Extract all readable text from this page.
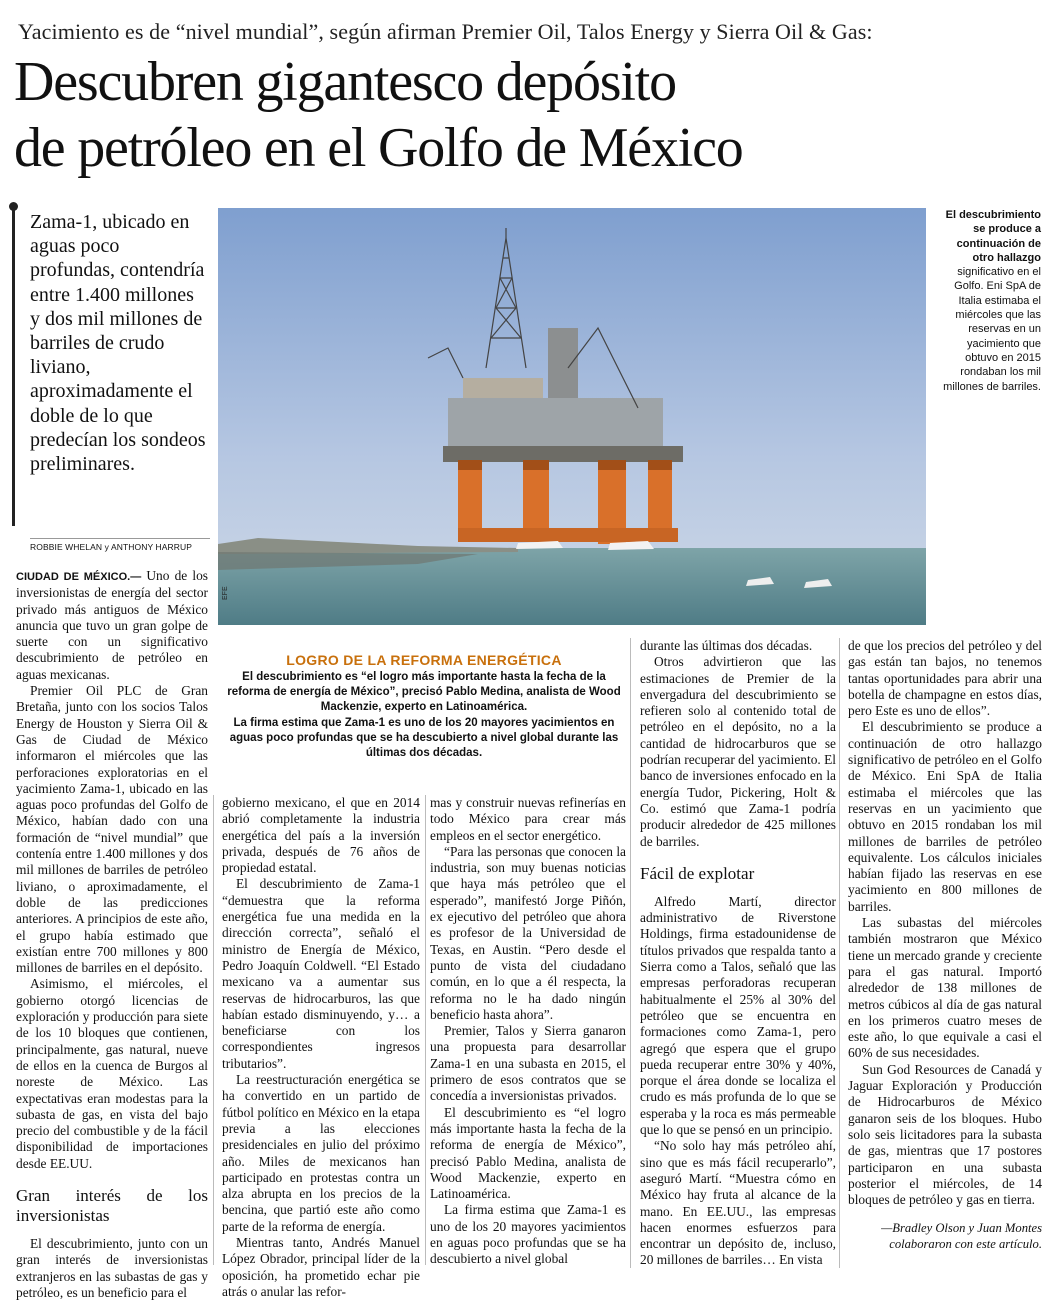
Yacimiento es de “nivel mundial”, según afirman Premier Oil, Talos Energy y Sierra Oil & Gas:
Descubren gigantesco depósito
de petróleo en el Golfo de México
Zama-1, ubicado en aguas poco profundas, contendría entre 1.400 millones y dos mil millones de barriles de crudo liviano, aproximadamente el doble de lo que predecían los sondeos preliminares.
ROBBIE WHELAN y ANTHONY HARRUP
EFE
El descubrimiento se produce a continuación de otro hallazgo significativo en el Golfo. Eni SpA de Italia estimaba el miércoles que las reservas en un yacimiento que obtuvo en 2015 rondaban los mil millones de barriles.
LOGRO DE LA REFORMA ENERGÉTICA

El descubrimiento es “el logro más importante hasta la fecha de la reforma de energía de México”, precisó Pablo Medina, analista de Wood Mackenzie, experto en Latinoamérica.

La firma estima que Zama-1 es uno de los 20 mayores yacimientos en aguas poco profundas que se ha descubierto a nivel global durante las últimas dos décadas.

CIUDAD DE MÉXICO.— Uno de los inversionistas de energía del sector privado más antiguos de México anuncia que tuvo un gran golpe de suerte con un significativo descubrimiento de petróleo en aguas mexicanas.

Premier Oil PLC de Gran Bretaña, junto con los socios Talos Energy de Houston y Sierra Oil & Gas de Ciudad de México informaron el miércoles que las perforaciones exploratorias en el yacimiento Zama-1, ubicado en las aguas poco profundas del Golfo de México, habían dado con una formación de “nivel mundial” que contenía entre 1.400 millones y dos mil millones de barriles de petróleo liviano, o aproximadamente, el doble de las predicciones anteriores. A principios de este año, el grupo había estimado que existían entre 700 millones y 800 millones de barriles en el depósito.

Asimismo, el miércoles, el gobierno otorgó licencias de exploración y producción para siete de los 10 bloques que contienen, principalmente, gas natural, nueve de ellos en la cuenca de Burgos al noreste de México. Las expectativas eran modestas para la subasta de gas, en vista del bajo precio del combustible y de la fácil disponibilidad de importaciones desde EE.UU.

Gran interés de los inversionistas

El descubrimiento, junto con un gran interés de inversionistas extranjeros en las subastas de gas y petróleo, es un beneficio para el

gobierno mexicano, el que en 2014 abrió completamente la industria energética del país a la inversión privada, después de 76 años de propiedad estatal.

El descubrimiento de Zama-1 “demuestra que la reforma energética fue una medida en la dirección correcta”, señaló el ministro de Energía de México, Pedro Joaquín Coldwell. “El Estado mexicano va a aumentar sus reservas de hidrocarburos, las que habían estado disminuyendo, y… a beneficiarse con los correspondientes ingresos tributarios”.

La reestructuración energética se ha convertido en un partido de fútbol político en México en la etapa previa a las elecciones presidenciales en julio del próximo año. Miles de mexicanos han participado en protestas contra un alza abrupta en los precios de la bencina, que partió este año como parte de la reforma de energía.

Mientras tanto, Andrés Manuel López Obrador, principal líder de la oposición, ha prometido echar pie atrás o anular las refor-

mas y construir nuevas refinerías en todo México para crear más empleos en el sector energético.

“Para las personas que conocen la industria, son muy buenas noticias que haya más petróleo que el esperado”, manifestó Jorge Piñón, ex ejecutivo del petróleo que ahora es profesor de la Universidad de Texas, en Austin. “Pero desde el punto de vista del ciudadano común, en lo que a él respecta, la reforma no le ha dado ningún beneficio hasta ahora”.

Premier, Talos y Sierra ganaron una propuesta para desarrollar Zama-1 en una subasta en 2015, el primero de esos contratos que se concedía a inversionistas privados.

El descubrimiento es “el logro más importante hasta la fecha de la reforma de energía de México”, precisó Pablo Medina, analista de Wood Mackenzie, experto en Latinoamérica.

La firma estima que Zama-1 es uno de los 20 mayores yacimientos en aguas poco profundas que se ha descubierto a nivel global

durante las últimas dos décadas.

Otros advirtieron que las estimaciones de Premier de la envergadura del descubrimiento se refieren solo al contenido total de petróleo en el depósito, no a la cantidad de hidrocarburos que se podrían recuperar del yacimiento. El banco de inversiones enfocado en la energía Tudor, Pickering, Holt & Co. estimó que Zama-1 podría producir alrededor de 425 millones de barriles.

Fácil de explotar

Alfredo Martí, director administrativo de Riverstone Holdings, firma estadounidense de títulos privados que respalda tanto a Sierra como a Talos, señaló que las empresas perforadoras recuperan habitualmente el 25% al 30% del petróleo que se encuentra en formaciones como Zama-1, pero agregó que espera que el grupo pueda recuperar entre 30% y 40%, porque el área donde se localiza el crudo es más profunda de lo que se esperaba y la roca es más permeable que lo que se pensó en un principio.

“No solo hay más petróleo ahí, sino que es más fácil recuperarlo”, aseguró Martí. “Muestra cómo en México hay fruta al alcance de la mano. En EE.UU., las empresas hacen enormes esfuerzos para encontrar un depósito de, incluso, 20 millones de barriles… En vista

de que los precios del petróleo y del gas están tan bajos, no tenemos tantas oportunidades para abrir una botella de champagne en estos días, pero Este es uno de ellos”.

El descubrimiento se produce a continuación de otro hallazgo significativo de petróleo en el Golfo de México. Eni SpA de Italia estimaba el miércoles que las reservas en un yacimiento que obtuvo en 2015 rondaban los mil millones de barriles de petróleo equivalente. Los cálculos iniciales habían fijado las reservas en ese yacimiento en 800 millones de barriles.

Las subastas del miércoles también mostraron que México tiene un mercado grande y creciente para el gas natural. Importó alrededor de 138 millones de metros cúbicos al día de gas natural en los primeros cuatro meses de este año, lo que equivale a casi el 60% de sus necesidades.

Sun God Resources de Canadá y Jaguar Exploración y Producción de Hidrocarburos de México ganaron seis de los bloques. Hubo solo seis licitadores para la subasta de gas, mientras que 17 postores participaron en una subasta posterior el miércoles, de 14 bloques de petróleo y gas en tierra.

—Bradley Olson y Juan Montes colaboraron con este artículo.
